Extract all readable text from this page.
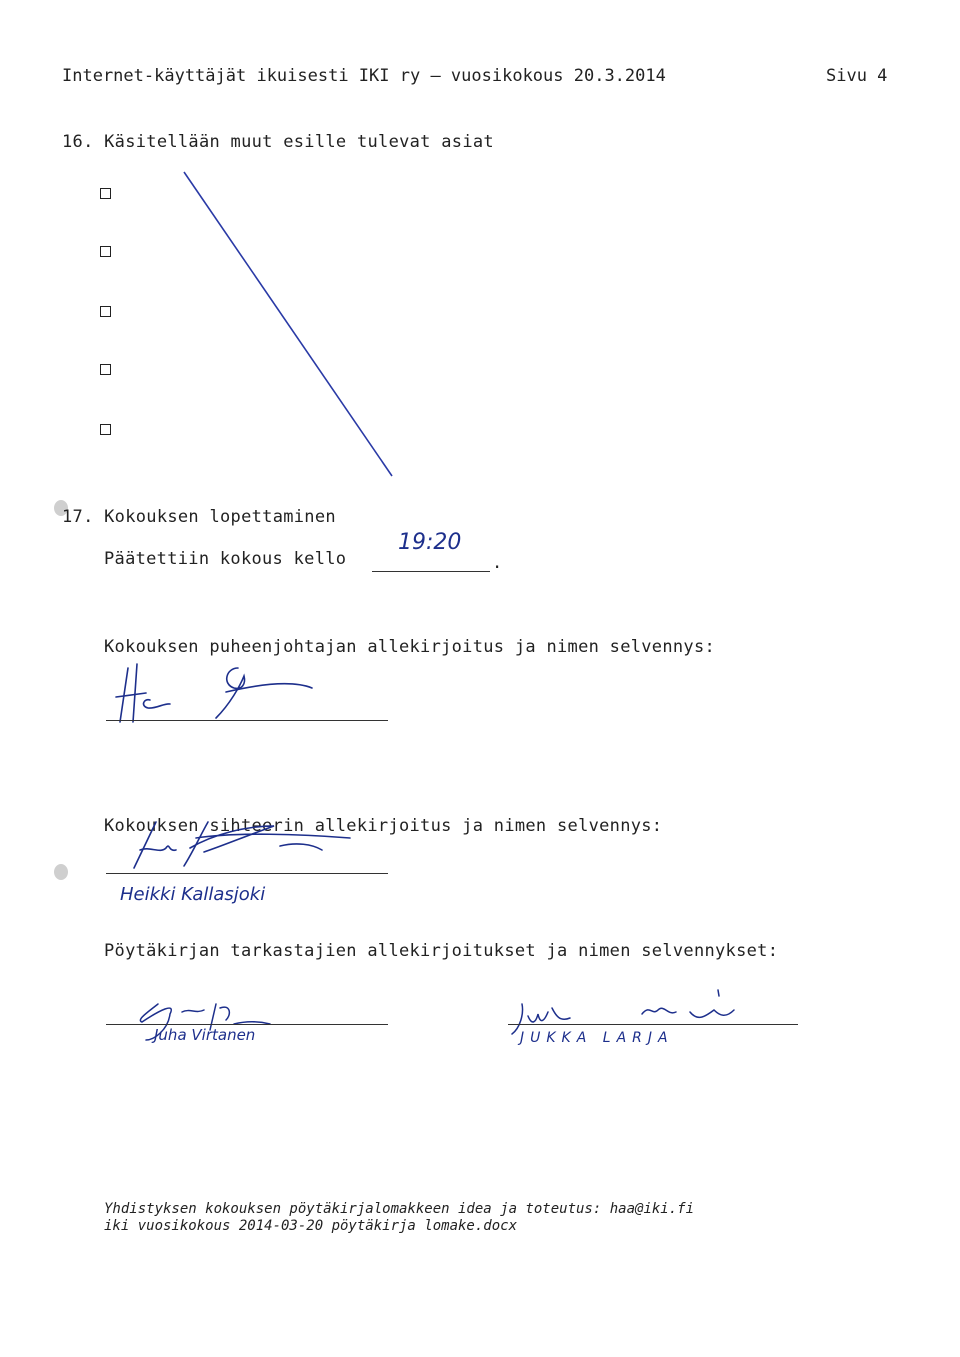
Internet-käyttäjät ikuisesti IKI ry – vuosikokous 20.3.2014	Sivu 4
16. Käsitellään muut esille tulevat asiat
17. Kokouksen lopettaminen
Päätettiin kokous kello
19:20
.
Kokouksen puheenjohtajan allekirjoitus ja nimen selvennys:
Kokouksen sihteerin allekirjoitus ja nimen selvennys:
Heikki Kallasjoki
Pöytäkirjan tarkastajien allekirjoitukset ja nimen selvennykset:
Juha Virtanen	JUKKA LARJA
Yhdistyksen kokouksen pöytäkirjalomakkeen idea ja toteutus: haa@iki.fi
iki vuosikokous 2014-03-20 pöytäkirja lomake.docx
